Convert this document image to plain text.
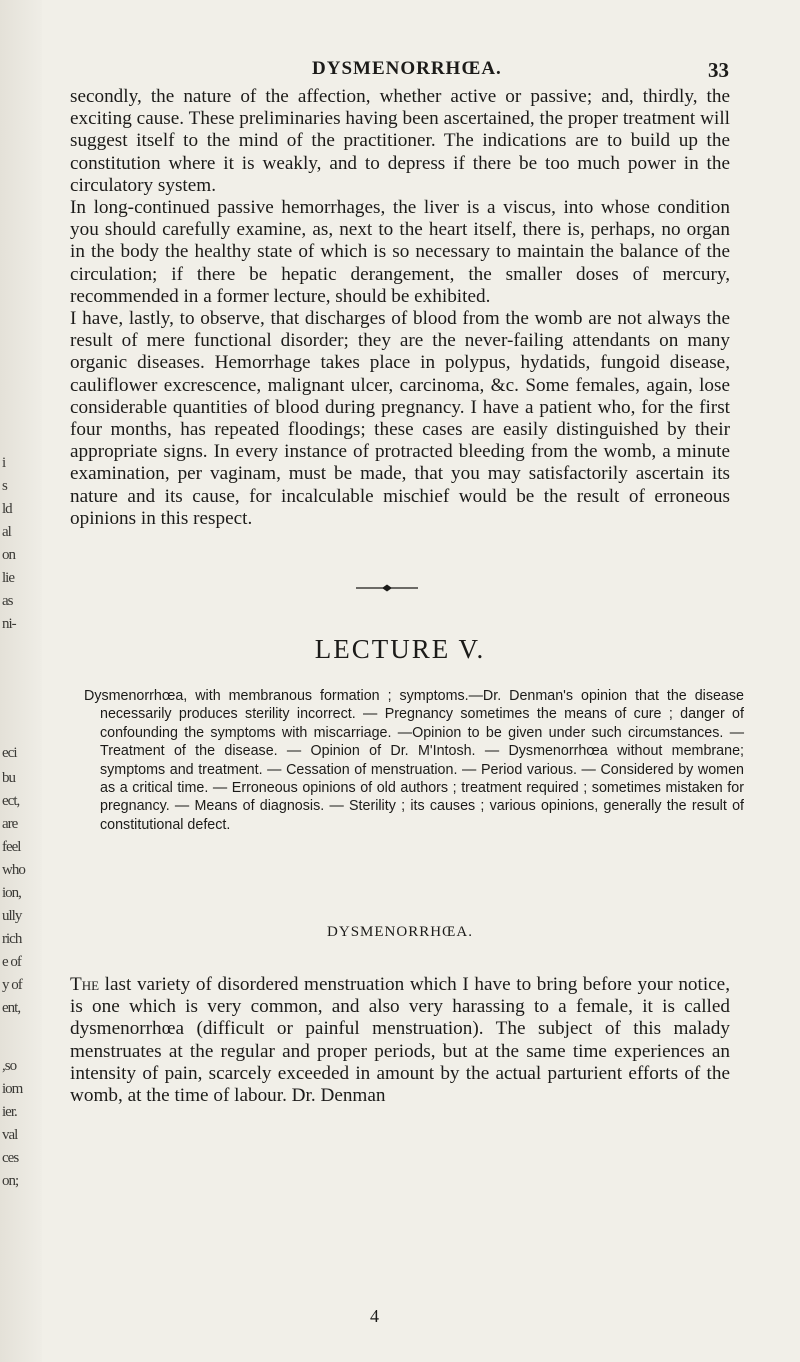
eci
bu
ect,
are
feel
who
ion,
ully
rich
e of
y of
ent,
,so
iom
ier.
val
ces
on;
i
s
ld
al
on
lie
as
ni-
DYSMENORRHŒA.	33

secondly, the nature of the affection, whether active or passive; and, thirdly, the exciting cause. These preliminaries having been ascertained, the proper treatment will suggest itself to the mind of the practitioner. The indications are to build up the constitution where it is weakly, and to depress if there be too much power in the circulatory system.

In long-continued passive hemorrhages, the liver is a viscus, into whose condition you should carefully examine, as, next to the heart itself, there is, perhaps, no organ in the body the healthy state of which is so necessary to maintain the balance of the circulation; if there be hepatic derangement, the smaller doses of mercury, recommended in a former lecture, should be exhibited.

I have, lastly, to observe, that discharges of blood from the womb are not always the result of mere functional disorder; they are the never-failing attendants on many organic diseases. Hemorrhage takes place in polypus, hydatids, fungoid disease, cauliflower excrescence, malignant ulcer, carcinoma, &c. Some females, again, lose considerable quantities of blood during pregnancy. I have a patient who, for the first four months, has repeated floodings; these cases are easily distinguished by their appropriate signs. In every instance of protracted bleeding from the womb, a minute examination, per vaginam, must be made, that you may satisfactorily ascertain its nature and its cause, for incalculable mischief would be the result of erroneous opinions in this respect.

LECTURE V.
Dysmenorrhœa, with membranous formation ; symptoms.—Dr. Denman's opinion that the disease necessarily produces sterility incorrect. — Pregnancy sometimes the means of cure ; danger of confounding the symptoms with miscarriage. —Opinion to be given under such circumstances. —Treatment of the disease. — Opinion of Dr. M'Intosh. — Dysmenorrhœa without membrane; symptoms and treatment. — Cessation of menstruation. — Period various. — Considered by women as a critical time. — Erroneous opinions of old authors ; treatment required ; sometimes mistaken for pregnancy. — Means of diagnosis. — Sterility ; its causes ; various opinions, generally the result of constitutional defect.
DYSMENORRHŒA.

The last variety of disordered menstruation which I have to bring before your notice, is one which is very common, and also very harassing to a female, it is called dysmenorrhœa (difficult or painful menstruation). The subject of this malady menstruates at the regular and proper periods, but at the same time experiences an intensity of pain, scarcely exceeded in amount by the actual parturient efforts of the womb, at the time of labour. Dr. Denman

4
